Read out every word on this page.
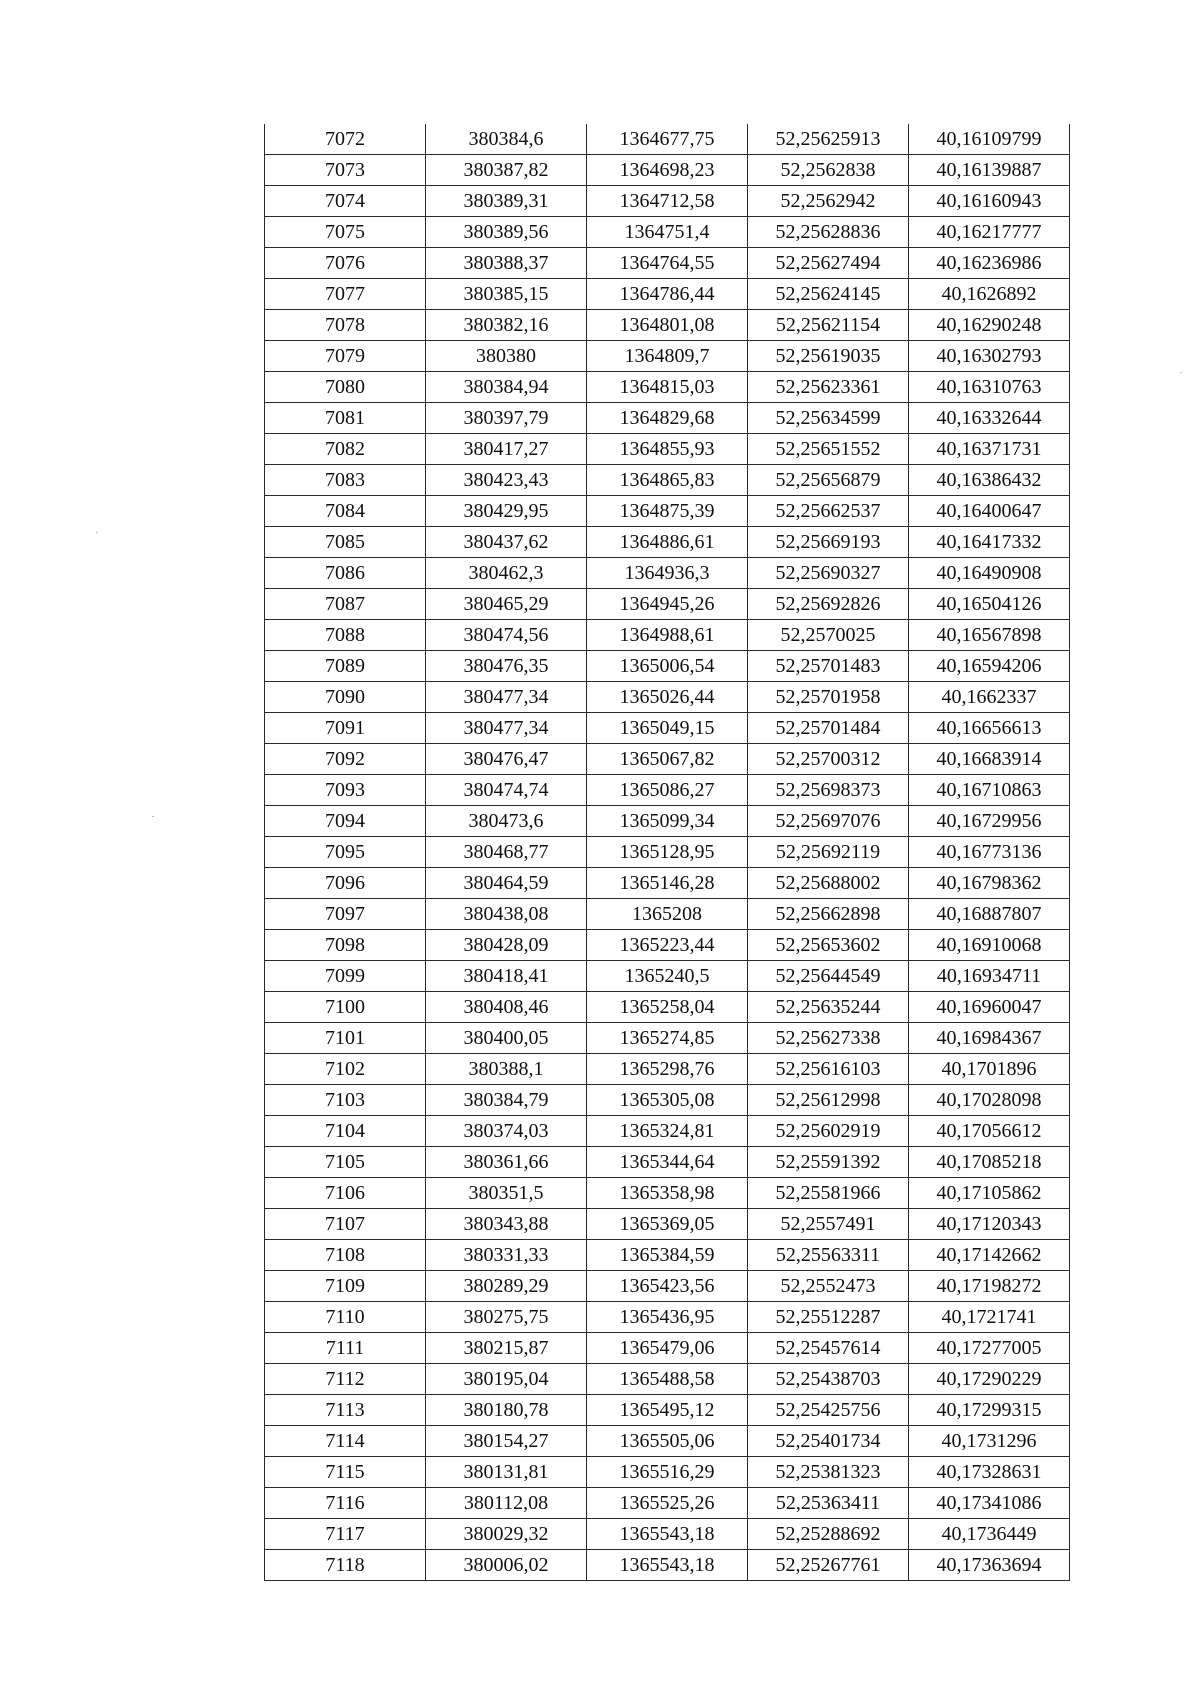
7072	380384,6	1364677,75	52,25625913	40,16109799
7073	380387,82	1364698,23	52,2562838	40,16139887
7074	380389,31	1364712,58	52,2562942	40,16160943
7075	380389,56	1364751,4	52,25628836	40,16217777
7076	380388,37	1364764,55	52,25627494	40,16236986
7077	380385,15	1364786,44	52,25624145	40,1626892
7078	380382,16	1364801,08	52,25621154	40,16290248
7079	380380	1364809,7	52,25619035	40,16302793
7080	380384,94	1364815,03	52,25623361	40,16310763
7081	380397,79	1364829,68	52,25634599	40,16332644
7082	380417,27	1364855,93	52,25651552	40,16371731
7083	380423,43	1364865,83	52,25656879	40,16386432
7084	380429,95	1364875,39	52,25662537	40,16400647
7085	380437,62	1364886,61	52,25669193	40,16417332
7086	380462,3	1364936,3	52,25690327	40,16490908
7087	380465,29	1364945,26	52,25692826	40,16504126
7088	380474,56	1364988,61	52,2570025	40,16567898
7089	380476,35	1365006,54	52,25701483	40,16594206
7090	380477,34	1365026,44	52,25701958	40,1662337
7091	380477,34	1365049,15	52,25701484	40,16656613
7092	380476,47	1365067,82	52,25700312	40,16683914
7093	380474,74	1365086,27	52,25698373	40,16710863
7094	380473,6	1365099,34	52,25697076	40,16729956
7095	380468,77	1365128,95	52,25692119	40,16773136
7096	380464,59	1365146,28	52,25688002	40,16798362
7097	380438,08	1365208	52,25662898	40,16887807
7098	380428,09	1365223,44	52,25653602	40,16910068
7099	380418,41	1365240,5	52,25644549	40,16934711
7100	380408,46	1365258,04	52,25635244	40,16960047
7101	380400,05	1365274,85	52,25627338	40,16984367
7102	380388,1	1365298,76	52,25616103	40,1701896
7103	380384,79	1365305,08	52,25612998	40,17028098
7104	380374,03	1365324,81	52,25602919	40,17056612
7105	380361,66	1365344,64	52,25591392	40,17085218
7106	380351,5	1365358,98	52,25581966	40,17105862
7107	380343,88	1365369,05	52,2557491	40,17120343
7108	380331,33	1365384,59	52,25563311	40,17142662
7109	380289,29	1365423,56	52,2552473	40,17198272
7110	380275,75	1365436,95	52,25512287	40,1721741
7111	380215,87	1365479,06	52,25457614	40,17277005
7112	380195,04	1365488,58	52,25438703	40,17290229
7113	380180,78	1365495,12	52,25425756	40,17299315
7114	380154,27	1365505,06	52,25401734	40,1731296
7115	380131,81	1365516,29	52,25381323	40,17328631
7116	380112,08	1365525,26	52,25363411	40,17341086
7117	380029,32	1365543,18	52,25288692	40,1736449
7118	380006,02	1365543,18	52,25267761	40,17363694
